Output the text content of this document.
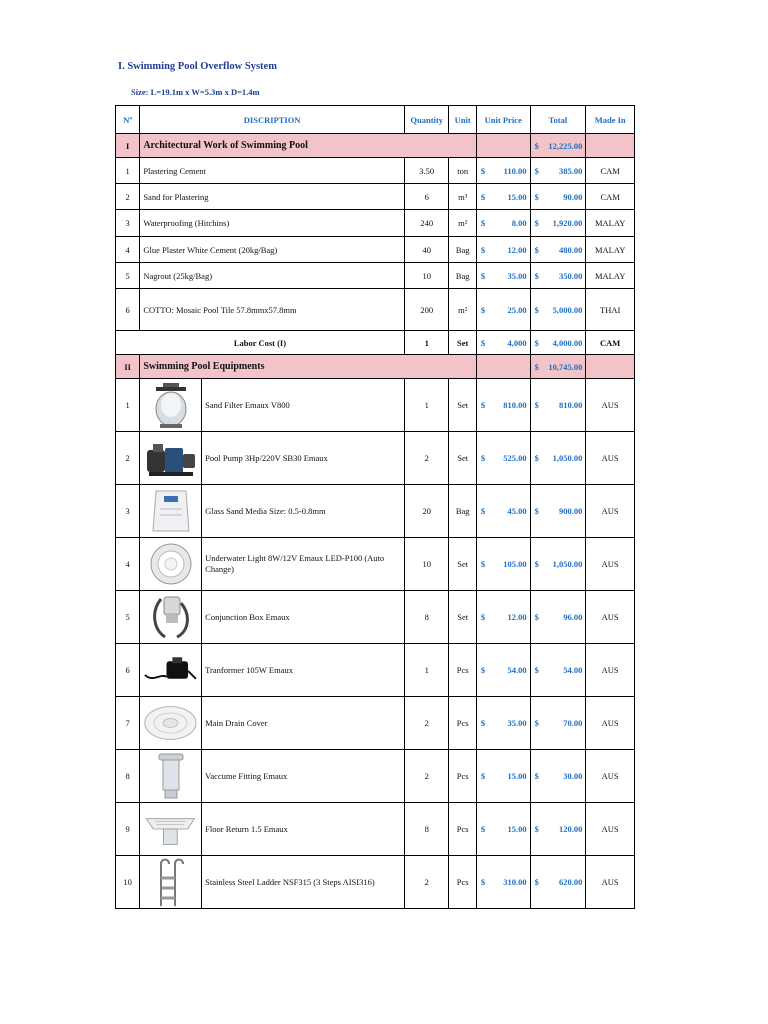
I. Swimming Pool Overflow System
Size: L=19.1m x W=5.3m x D=1.4m
Nº	DISCRIPTION		Quantity	Unit	Unit Price	Total	Made In
I	Architectural Work of Swimming Pool					$ 12,225.00	

1	Plastering Cement		3.50	ton	$ 110.00	$ 385.00	CAM
2	Sand for Plastering		6	m³	$ 15.00	$ 90.00	CAM
3	Waterproofing (Hitchins)		240	m²	$ 8.00	$ 1,920.00	MALAY
4	Glue Plaster White Cement (20kg/Bag)		40	Bag	$ 12.00	$ 480.00	MALAY
5	Nagrout (25kg/Bag)		10	Bag	$ 35.00	$ 350.00	MALAY
6	COTTO: Mosaic Pool Tile 57.8mmx57.8mm		200	m²	$ 25.00	$ 5,000.00	THAI
Labor Cost (I)			1	Set	$ 4,000	$ 4,000.00	CAM
II	Swimming Pool Equipments					$ 10,745.00	

1		Sand Filter Emaux V800	1	Set	$ 810.00	$ 810.00	AUS
2		Pool Pump 3Hp/220V SB30 Emaux	2	Set	$ 525.00	$ 1,050.00	AUS
3		Glass Sand Media Size: 0.5-0.8mm	20	Bag	$ 45.00	$ 900.00	AUS
4		Underwater Light 8W/12V Emaux LED-P100 (Auto Change)	10	Set	$ 105.00	$ 1,050.00	AUS
5		Conjunction Box Emaux	8	Set	$ 12.00	$ 96.00	AUS
6		Tranformer 105W Emaux	1	Pcs	$ 54.00	$ 54.00	AUS
7		Main Drain Cover	2	Pcs	$ 35.00	$ 70.00	AUS
8		Vaccume Fitting Emaux	2	Pcs	$ 15.00	$ 30.00	AUS
9		Floor Return 1.5 Emaux	8	Pcs	$ 15.00	$ 120.00	AUS
10		Stainless Steel Ladder NSF315 (3 Steps AISI316)	2	Pcs	$ 310.00	$ 620.00	AUS
